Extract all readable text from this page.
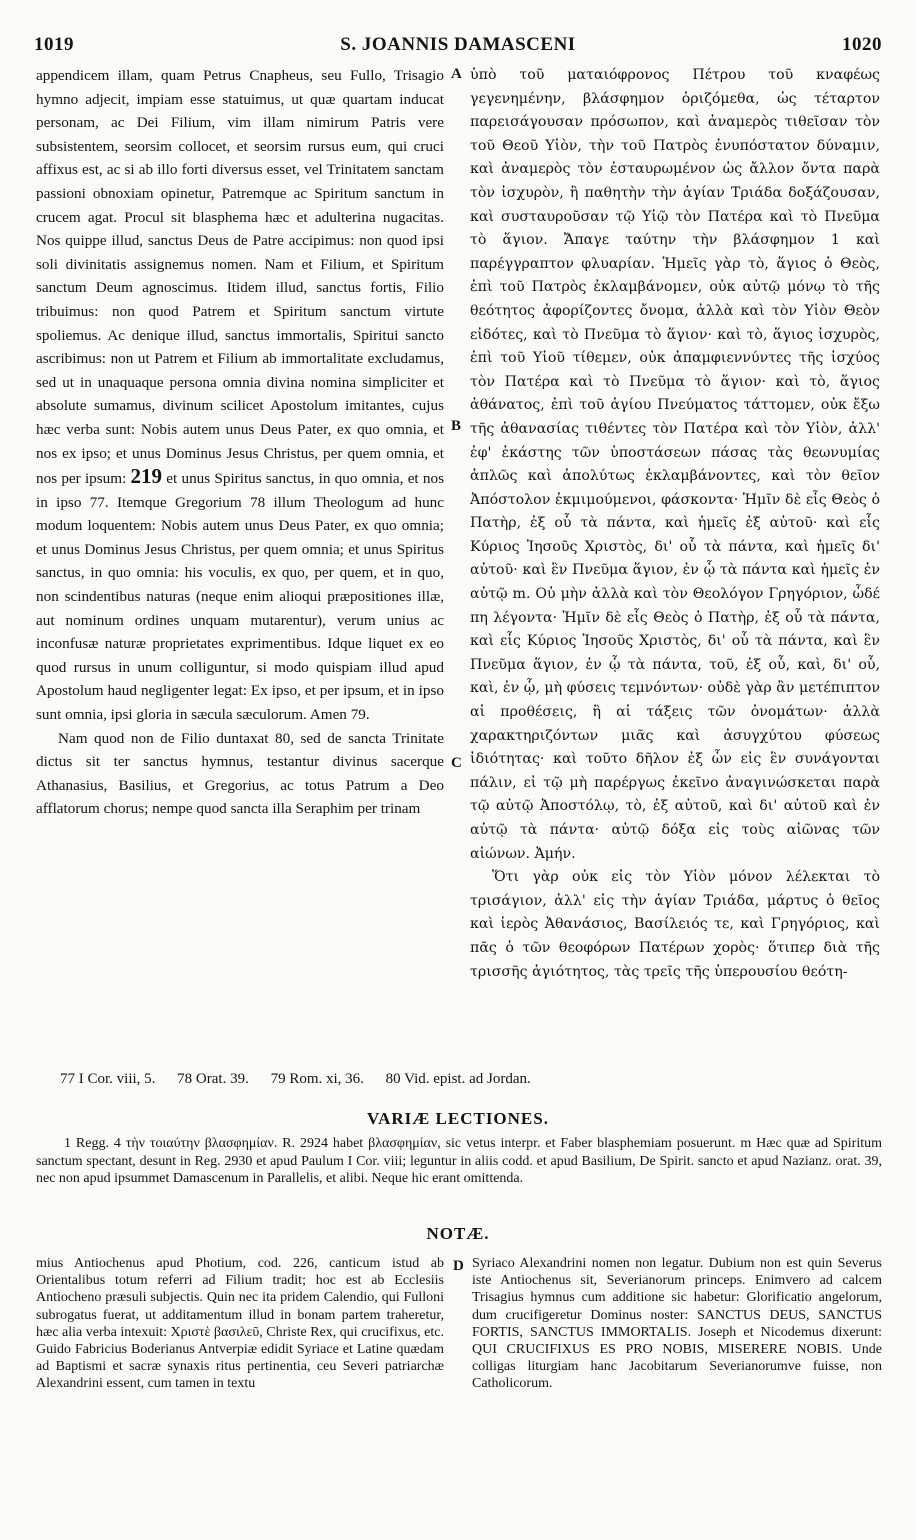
1019	S. JOANNIS DAMASCENI	1020

appendicem illam, quam Petrus Cnapheus, seu Fullo, Trisagio hymno adjecit, impiam esse statuimus, ut quæ quartam inducat personam, ac Dei Filium, vim illam nimirum Patris vere subsistentem, seorsim collocet, et seorsim rursus eum, qui cruci affixus est, ac si ab illo forti diversus esset, vel Trinitatem sanctam passioni obnoxiam opinetur, Patremque ac Spiritum sanctum in crucem agat. Procul sit blasphema hæc et adulterina nugacitas. Nos quippe illud, sanctus Deus de Patre accipimus: non quod ipsi soli divinitatis assignemus nomen. Nam et Filium, et Spiritum sanctum Deum agnoscimus. Itidem illud, sanctus fortis, Filio tribuimus: non quod Patrem et Spiritum sanctum virtute spoliemus. Ac denique illud, sanctus immortalis, Spiritui sancto ascribimus: non ut Patrem et Filium ab immortalitate excludamus, sed ut in unaquaque persona omnia divina nomina simpliciter et absolute sumamus, divinum scilicet Apostolum imitantes, cujus hæc verba sunt: Nobis autem unus Deus Pater, ex quo omnia, et nos ex ipso; et unus Dominus Jesus Christus, per quem omnia, et nos per ipsum: 219 et unus Spiritus sanctus, in quo omnia, et nos in ipso 77. Itemque Gregorium 78 illum Theologum ad hunc modum loquentem: Nobis autem unus Deus Pater, ex quo omnia; et unus Dominus Jesus Christus, per quem omnia; et unus Spiritus sanctus, in quo omnia: his voculis, ex quo, per quem, et in quo, non scindentibus naturas (neque enim alioqui præpositiones illæ, aut nominum ordines unquam mutarentur), verum unius ac inconfusæ naturæ proprietates exprimentibus. Idque liquet ex eo quod rursus in unum colliguntur, si modo quispiam illud apud Apostolum haud negligenter legat: Ex ipso, et per ipsum, et in ipso sunt omnia, ipsi gloria in sæcula sæculorum. Amen 79.

Nam quod non de Filio duntaxat 80, sed de sancta Trinitate dictus sit ter sanctus hymnus, testantur divinus sacerque Athanasius, Basilius, et Gregorius, ac totus Patrum a Deo afflatorum chorus; nempe quod sancta illa Seraphim per trinam

ὑπὸ τοῦ ματαιόφρονος Πέτρου τοῦ κναφέως γεγενημένην, βλάσφημον ὁριζόμεθα, ὡς τέταρτον παρεισάγουσαν πρόσωπον, καὶ ἀναμερὸς τιθεῖσαν τὸν τοῦ Θεοῦ Υἱὸν, τὴν τοῦ Πατρὸς ἐνυπόστατον δύναμιν, καὶ ἀναμερὸς τὸν ἐσταυρωμένον ὡς ἄλλον ὄντα παρὰ τὸν ἰσχυρὸν, ἢ παθητὴν τὴν ἁγίαν Τριάδα δοξάζουσαν, καὶ συσταυροῦσαν τῷ Υἱῷ τὸν Πατέρα καὶ τὸ Πνεῦμα τὸ ἅγιον. Ἄπαγε ταύτην τὴν βλάσφημον 1 καὶ παρέγγραπτον φλυαρίαν. Ἡμεῖς γὰρ τὸ, ἅγιος ὁ Θεὸς, ἐπὶ τοῦ Πατρὸς ἐκλαμβάνομεν, οὐκ αὐτῷ μόνῳ τὸ τῆς θεότητος ἀφορίζοντες ὄνομα, ἀλλὰ καὶ τὸν Υἱὸν Θεὸν εἰδότες, καὶ τὸ Πνεῦμα τὸ ἅγιον· καὶ τὸ, ἅγιος ἰσχυρὸς, ἐπὶ τοῦ Υἱοῦ τίθεμεν, οὐκ ἀπαμφιεννύντες τῆς ἰσχύος τὸν Πατέρα καὶ τὸ Πνεῦμα τὸ ἅγιον· καὶ τὸ, ἅγιος ἀθάνατος, ἐπὶ τοῦ ἁγίου Πνεύματος τάττομεν, οὐκ ἔξω τῆς ἀθανασίας τιθέντες τὸν Πατέρα καὶ τὸν Υἱὸν, ἀλλ' ἐφ' ἑκάστης τῶν ὑποστάσεων πάσας τὰς θεωνυμίας ἁπλῶς καὶ ἀπολύτως ἐκλαμβάνοντες, καὶ τὸν θεῖον Ἀπόστολον ἐκμιμούμενοι, φάσκοντα· Ἡμῖν δὲ εἷς Θεὸς ὁ Πατὴρ, ἐξ οὗ τὰ πάντα, καὶ ἡμεῖς ἐξ αὐτοῦ· καὶ εἷς Κύριος Ἰησοῦς Χριστὸς, δι' οὗ τὰ πάντα, καὶ ἡμεῖς δι' αὐτοῦ· καὶ ἓν Πνεῦμα ἅγιον, ἐν ᾧ τὰ πάντα καὶ ἡμεῖς ἐν αὐτῷ m. Οὐ μὴν ἀλλὰ καὶ τὸν Θεολόγον Γρηγόριον, ὧδέ πη λέγοντα· Ἡμῖν δὲ εἷς Θεὸς ὁ Πατὴρ, ἐξ οὗ τὰ πάντα, καὶ εἷς Κύριος Ἰησοῦς Χριστὸς, δι' οὗ τὰ πάντα, καὶ ἓν Πνεῦμα ἅγιον, ἐν ᾧ τὰ πάντα, τοῦ, ἐξ οὗ, καὶ, δι' οὗ, καὶ, ἐν ᾧ, μὴ φύσεις τεμνόντων· οὐδὲ γὰρ ἂν μετέπιπτον αἱ προθέσεις, ἢ αἱ τάξεις τῶν ὀνομάτων· ἀλλὰ χαρακτηριζόντων μιᾶς καὶ ἀσυγχύτου φύσεως ἰδιότητας· καὶ τοῦτο δῆλον ἐξ ὧν εἰς ἓν συνάγονται πάλιν, εἰ τῷ μὴ παρέργως ἐκεῖνο ἀναγινώσκεται παρὰ τῷ αὐτῷ Ἀποστόλῳ, τὸ, ἐξ αὐτοῦ, καὶ δι' αὐτοῦ καὶ ἐν αὐτῷ τὰ πάντα· αὐτῷ δόξα εἰς τοὺς αἰῶνας τῶν αἰώνων. Ἀμήν.

Ὅτι γὰρ οὐκ εἰς τὸν Υἱὸν μόνον λέλεκται τὸ τρισάγιον, ἀλλ' εἰς τὴν ἁγίαν Τριάδα, μάρτυς ὁ θεῖος καὶ ἱερὸς Ἀθανάσιος, Βασίλειός τε, καὶ Γρηγόριος, καὶ πᾶς ὁ τῶν θεοφόρων Πατέρων χορὸς· ὅτιπερ διὰ τῆς τρισσῆς ἁγιότητος, τὰς τρεῖς τῆς ὑπερουσίου θεότη-

A
B
C
D
77 I Cor. viii, 5. 78 Orat. 39. 79 Rom. xi, 36. 80 Vid. epist. ad Jordan.
VARIÆ LECTIONES.

1 Regg. 4 τὴν τοιαύτην βλασφημίαν. R. 2924 habet βλασφημίαν, sic vetus interpr. et Faber blasphemiam posuerunt. m Hæc quæ ad Spiritum sanctum spectant, desunt in Reg. 2930 et apud Paulum I Cor. viii; leguntur in aliis codd. et apud Basilium, De Spirit. sancto et apud Nazianz. orat. 39, nec non apud ipsummet Damascenum in Parallelis, et alibi. Neque hic erant omittenda.

NOTÆ.

mius Antiochenus apud Photium, cod. 226, canticum istud ab Orientalibus totum referri ad Filium tradit; hoc est ab Ecclesiis Antiocheno præsuli subjectis. Quin nec ita pridem Calendio, qui Fulloni subrogatus fuerat, ut additamentum illud in bonam partem traheretur, hæc alia verba intexuit: Χριστὲ βασιλεῦ, Christe Rex, qui crucifixus, etc. Guido Fabricius Boderianus Antverpiæ edidit Syriace et Latine quædam ad Baptismi et sacræ synaxis ritus pertinentia, ceu Severi patriarchæ Alexandrini essent, cum tamen in textu

Syriaco Alexandrini nomen non legatur. Dubium non est quin Severus iste Antiochenus sit, Severianorum princeps. Enimvero ad calcem Trisagius hymnus cum additione sic habetur: Glorificatio angelorum, dum crucifigeretur Dominus noster: SANCTUS DEUS, SANCTUS FORTIS, SANCTUS IMMORTALIS. Joseph et Nicodemus dixerunt: QUI CRUCIFIXUS ES PRO NOBIS, MISERERE NOBIS. Unde colligas liturgiam hanc Jacobitarum Severianorumve fuisse, non Catholicorum.
